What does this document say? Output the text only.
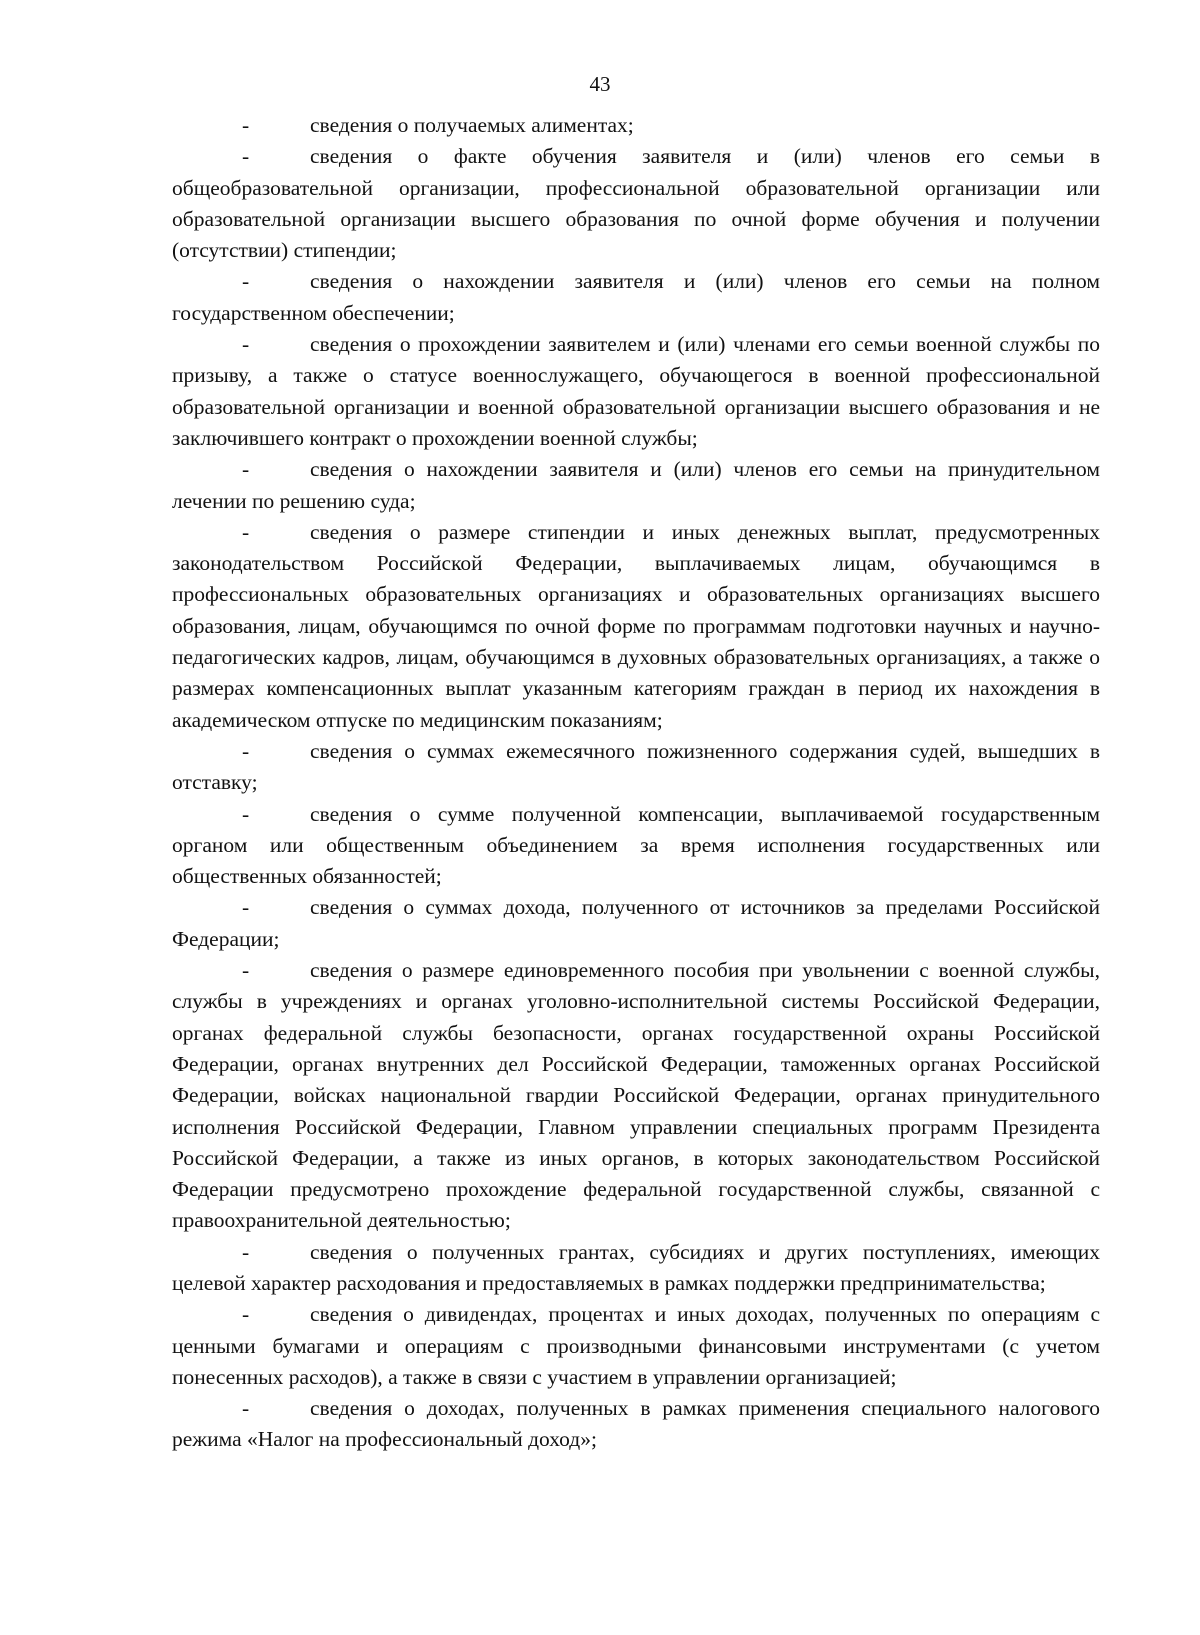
43

-	сведения о получаемых алиментах;

-	сведения о факте обучения заявителя и (или) членов его семьи в общеобразовательной организации, профессиональной образовательной организации или образовательной организации высшего образования по очной форме обучения и получении (отсутствии) стипендии;

-	сведения о нахождении заявителя и (или) членов его семьи на полном государственном обеспечении;

-	сведения о прохождении заявителем и (или) членами его семьи военной службы по призыву, а также о статусе военнослужащего, обучающегося в военной профессиональной образовательной организации и военной образовательной организации высшего образования и не заключившего контракт о прохождении военной службы;

-	сведения о нахождении заявителя и (или) членов его семьи на принудительном лечении по решению суда;

-	сведения о размере стипендии и иных денежных выплат, предусмотренных законодательством Российской Федерации, выплачиваемых лицам, обучающимся в профессиональных образовательных организациях и образовательных организациях высшего образования, лицам, обучающимся по очной форме по программам подготовки научных и научно-педагогических кадров, лицам, обучающимся в духовных образовательных организациях, а также о размерах компенсационных выплат указанным категориям граждан в период их нахождения в академическом отпуске по медицинским показаниям;

-	сведения о суммах ежемесячного пожизненного содержания судей, вышедших в отставку;

-	сведения о сумме полученной компенсации, выплачиваемой государственным органом или общественным объединением за время исполнения государственных или общественных обязанностей;

-	сведения о суммах дохода, полученного от источников за пределами Российской Федерации;

-	сведения о размере единовременного пособия при увольнении с военной службы, службы в учреждениях и органах уголовно-исполнительной системы Российской Федерации, органах федеральной службы безопасности, органах государственной охраны Российской Федерации, органах внутренних дел Российской Федерации, таможенных органах Российской Федерации, войсках национальной гвардии Российской Федерации, органах принудительного исполнения Российской Федерации, Главном управлении специальных программ Президента Российской Федерации, а также из иных органов, в которых законодательством Российской Федерации предусмотрено прохождение федеральной государственной службы, связанной с правоохранительной деятельностью;

-	сведения о полученных грантах, субсидиях и других поступлениях, имеющих целевой характер расходования и предоставляемых в рамках поддержки предпринимательства;

-	сведения о дивидендах, процентах и иных доходах, полученных по операциям с ценными бумагами и операциям с производными финансовыми инструментами (с учетом понесенных расходов), а также в связи с участием в управлении организацией;

-	сведения о доходах, полученных в рамках применения специального налогового режима «Налог на профессиональный доход»;
